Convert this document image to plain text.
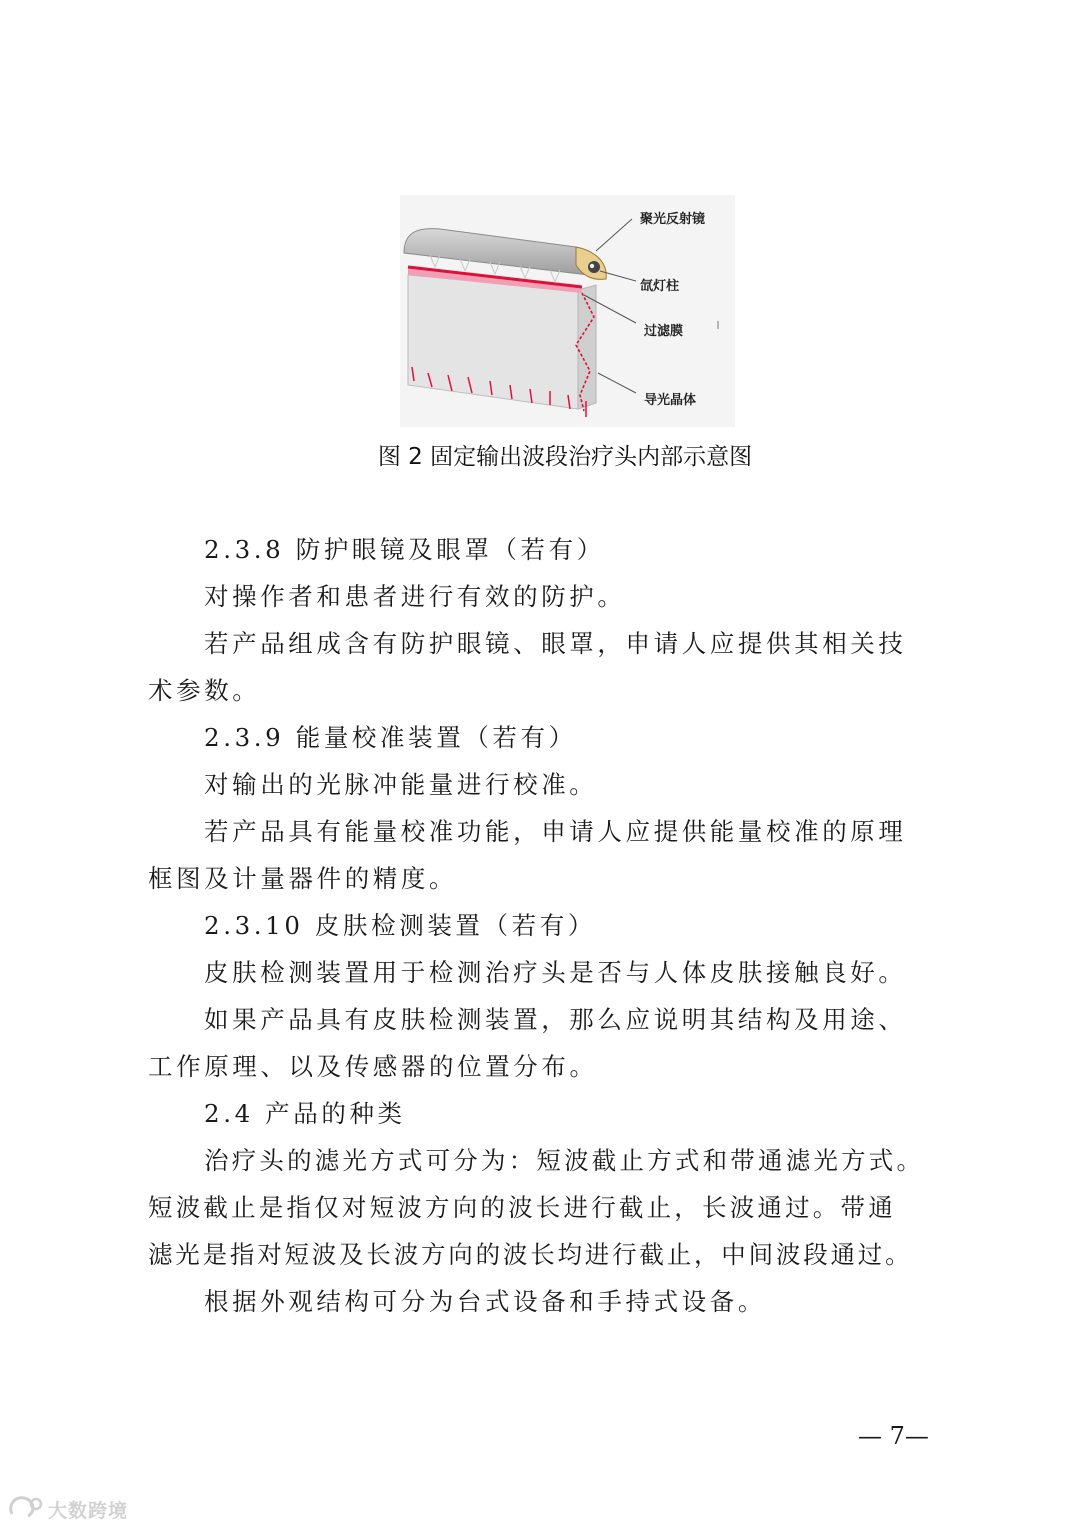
聚光反射镜
氙灯柱
过滤膜
导光晶体
图 2 固定输出波段治疗头内部示意图
2.3.8 防护眼镜及眼罩（若有）
对操作者和患者进行有效的防护。
若产品组成含有防护眼镜、眼罩，申请人应提供其相关技
术参数。
2.3.9 能量校准装置（若有）
对输出的光脉冲能量进行校准。
若产品具有能量校准功能，申请人应提供能量校准的原理
框图及计量器件的精度。
2.3.10 皮肤检测装置（若有）
皮肤检测装置用于检测治疗头是否与人体皮肤接触良好。
如果产品具有皮肤检测装置，那么应说明其结构及用途、
工作原理、以及传感器的位置分布。
2.4 产品的种类
治疗头的滤光方式可分为：短波截止方式和带通滤光方式。
短波截止是指仅对短波方向的波长进行截止，长波通过。带通
滤光是指对短波及长波方向的波长均进行截止，中间波段通过。
根据外观结构可分为台式设备和手持式设备。
— 7—
大数跨境
